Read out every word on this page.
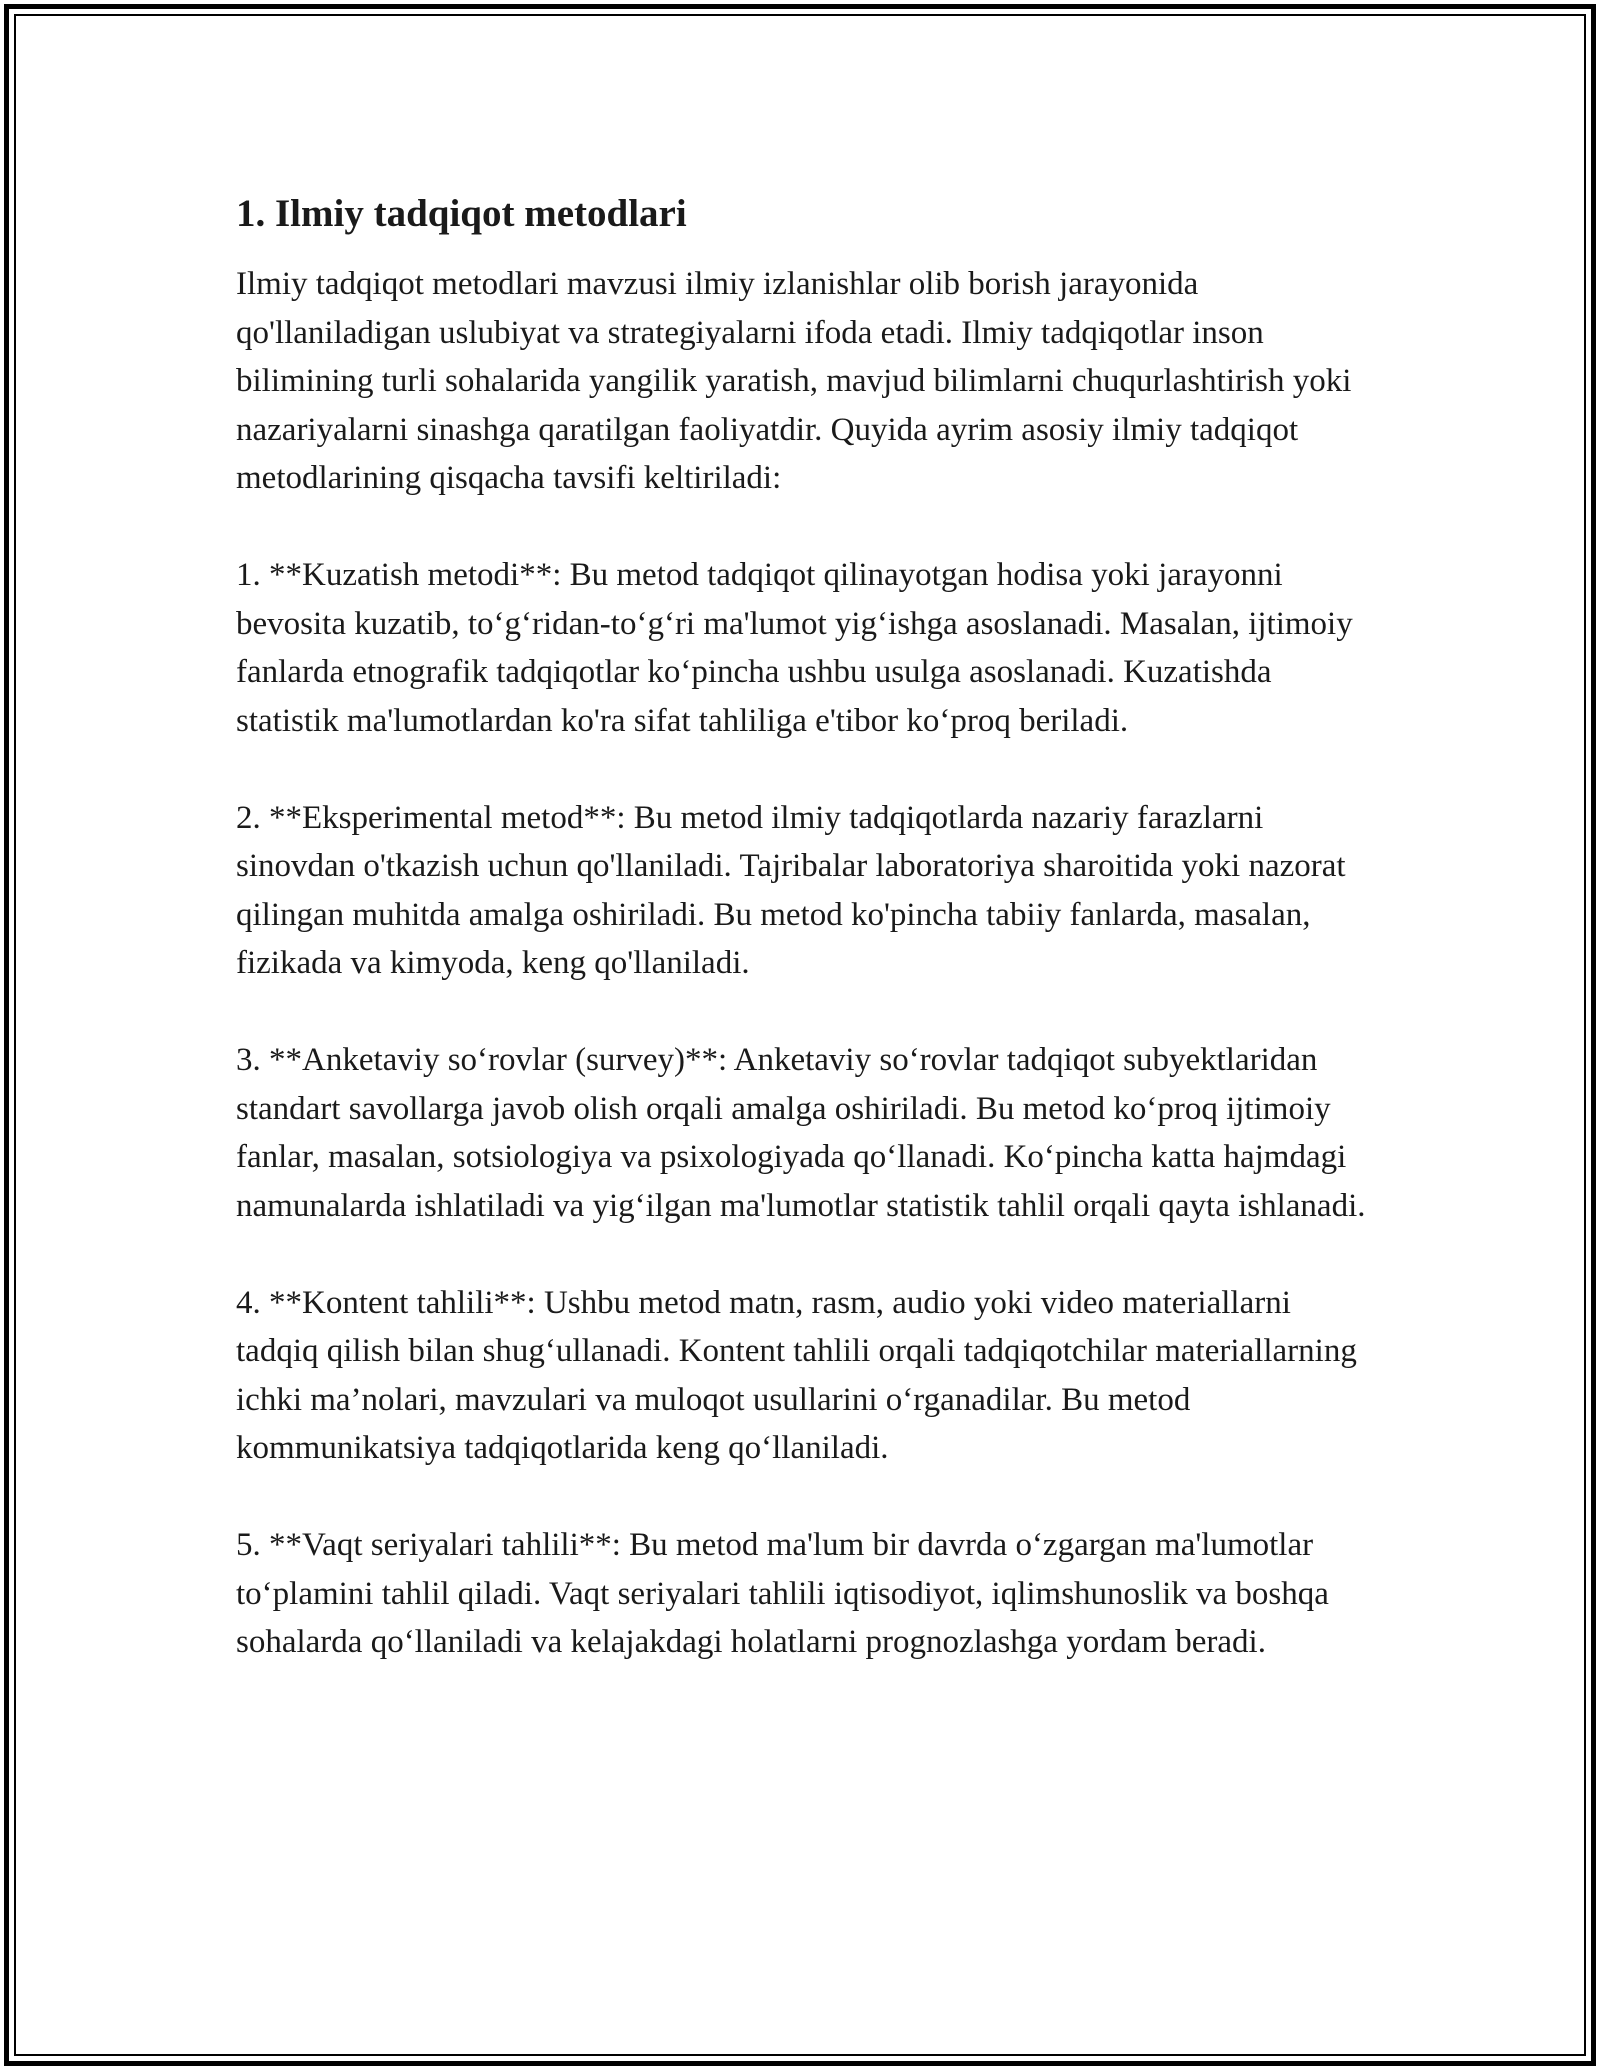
1. Ilmiy tadqiqot metodlari

Ilmiy tadqiqot metodlari mavzusi ilmiy izlanishlar olib borish jarayonida qo'llaniladigan uslubiyat va strategiyalarni ifoda etadi. Ilmiy tadqiqotlar inson bilimining turli sohalarida yangilik yaratish, mavjud bilimlarni chuqurlashtirish yoki nazariyalarni sinashga qaratilgan faoliyatdir. Quyida ayrim asosiy ilmiy tadqiqot metodlarining qisqacha tavsifi keltiriladi:

1. **Kuzatish metodi**: Bu metod tadqiqot qilinayotgan hodisa yoki jarayonni bevosita kuzatib, to‘g‘ridan-to‘g‘ri ma'lumot yig‘ishga asoslanadi. Masalan, ijtimoiy fanlarda etnografik tadqiqotlar ko‘pincha ushbu usulga asoslanadi. Kuzatishda statistik ma'lumotlardan ko'ra sifat tahliliga e'tibor ko‘proq beriladi.

2. **Eksperimental metod**: Bu metod ilmiy tadqiqotlarda nazariy farazlarni sinovdan o'tkazish uchun qo'llaniladi. Tajribalar laboratoriya sharoitida yoki nazorat qilingan muhitda amalga oshiriladi. Bu metod ko'pincha tabiiy fanlarda, masalan, fizikada va kimyoda, keng qo'llaniladi.

3. **Anketaviy so‘rovlar (survey)**: Anketaviy so‘rovlar tadqiqot subyektlaridan standart savollarga javob olish orqali amalga oshiriladi. Bu metod ko‘proq ijtimoiy fanlar, masalan, sotsiologiya va psixologiyada qo‘llanadi. Ko‘pincha katta hajmdagi namunalarda ishlatiladi va yig‘ilgan ma'lumotlar statistik tahlil orqali qayta ishlanadi.

4. **Kontent tahlili**: Ushbu metod matn, rasm, audio yoki video materiallarni tadqiq qilish bilan shug‘ullanadi. Kontent tahlili orqali tadqiqotchilar materiallarning ichki ma’nolari, mavzulari va muloqot usullarini o‘rganadilar. Bu metod kommunikatsiya tadqiqotlarida keng qo‘llaniladi.

5. **Vaqt seriyalari tahlili**: Bu metod ma'lum bir davrda o‘zgargan ma'lumotlar to‘plamini tahlil qiladi. Vaqt seriyalari tahlili iqtisodiyot, iqlimshunoslik va boshqa sohalarda qo‘llaniladi va kelajakdagi holatlarni prognozlashga yordam beradi.
